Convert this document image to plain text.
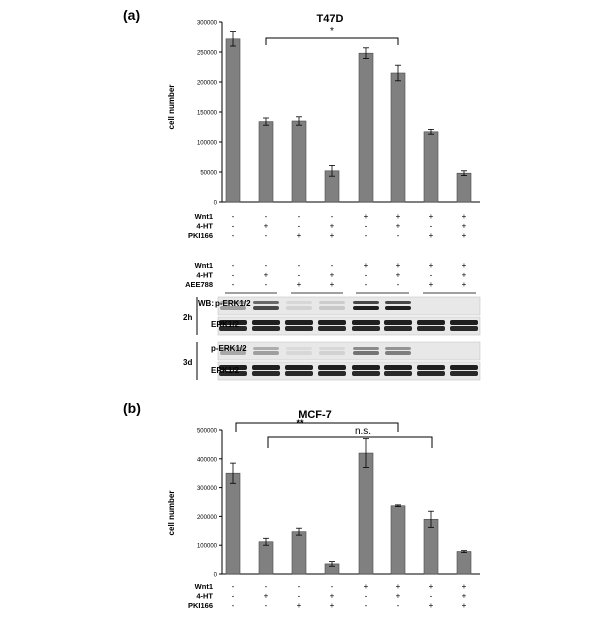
(a)	T47D
0
50000
100000
150000
200000
250000
300000
cell number
*
Wnt1 -	-	-	-	+	+	+	+
4-HT -	+	-	+	-	+	-	+
PKI166 -	-	+	+	-	-	+	+
Wnt1 -	-	-	-	+	+	+	+
4-HT -	+	-	+	-	+	-	+
AEE788 -	-	+	+	-	-	+	+
WB:
2h
3d
p-ERK1/2
ERK1/2
p-ERK1/2
ERK1/2
(b)	MCF-7
0
100000
200000
300000
400000
500000
cell number
**
n.s.
Wnt1 -	-	-	-	+	+	+	+
4-HT -	+	-	+	-	+	-	+
PKI166 -	-	+	+	-	-	+	+
